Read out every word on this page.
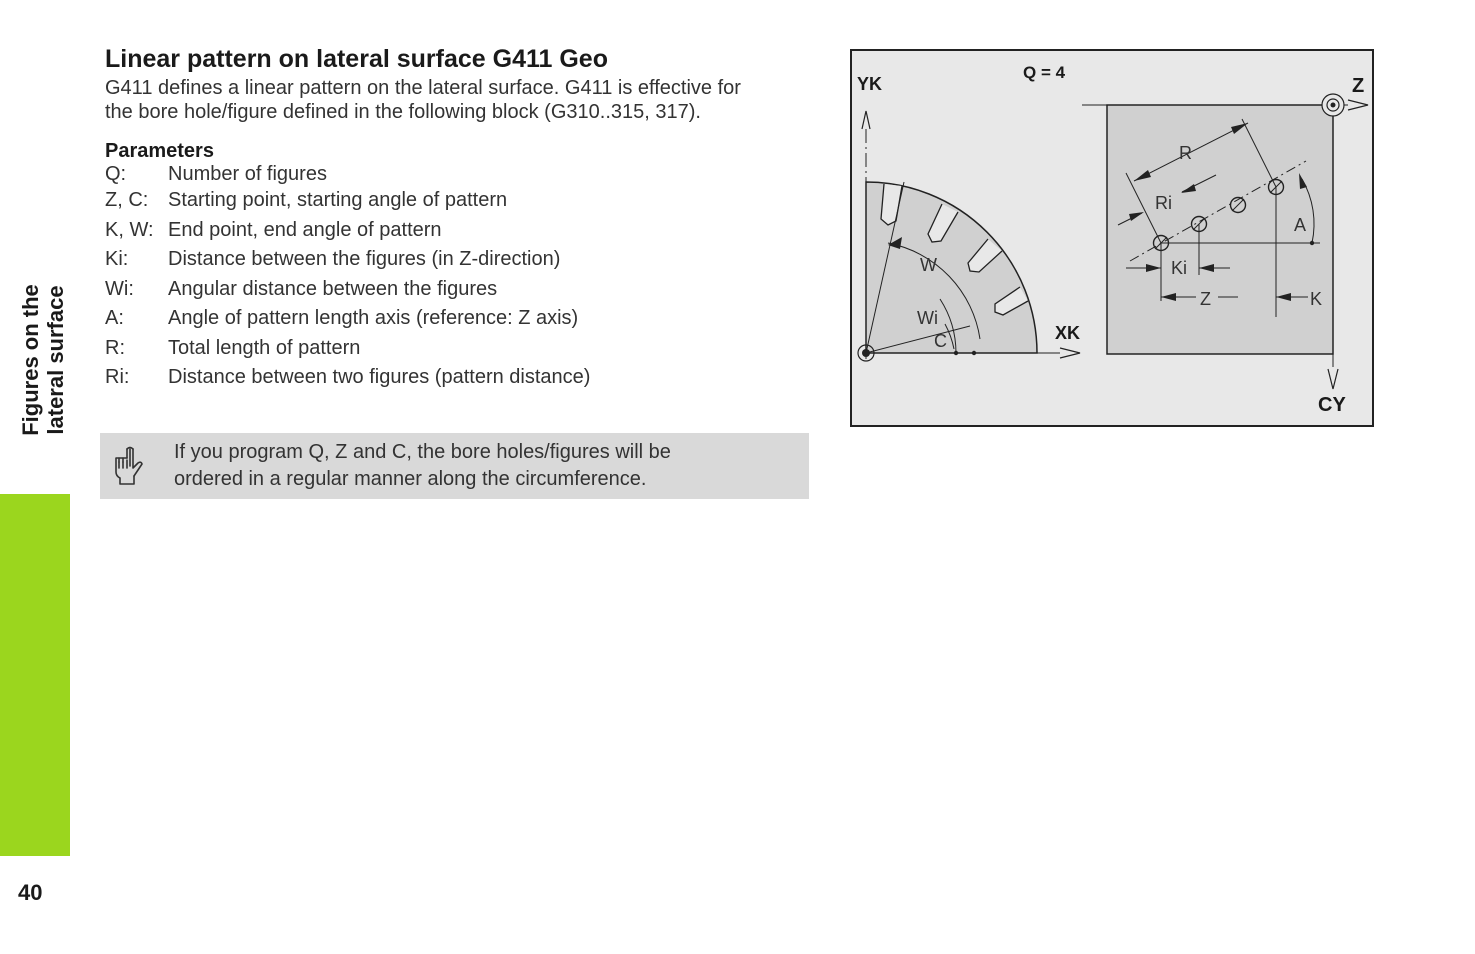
Figures on the lateral surface
40
Linear pattern on lateral surface G411 Geo

G411 defines a linear pattern on the lateral surface. G411 is effective for
the bore hole/figure defined in the following block (G310..315, 317).

Parameters
Q:	Number of figures
Z, C: Starting point, starting angle of pattern
K, W: End point, end angle of pattern
Ki:	Distance between the figures (in Z-direction)
Wi:	Angular distance between the figures
A:	Angle of pattern length axis (reference: Z axis)
R:	Total length of pattern
Ri:	Distance between two figures (pattern distance)
If you program Q, Z and C, the bore holes/figures will be
ordered in a regular manner along the circumference.
W
Wi
C
YK
XK
Q = 4
Z
CY
R
Ri
A
Ki
Z	K
